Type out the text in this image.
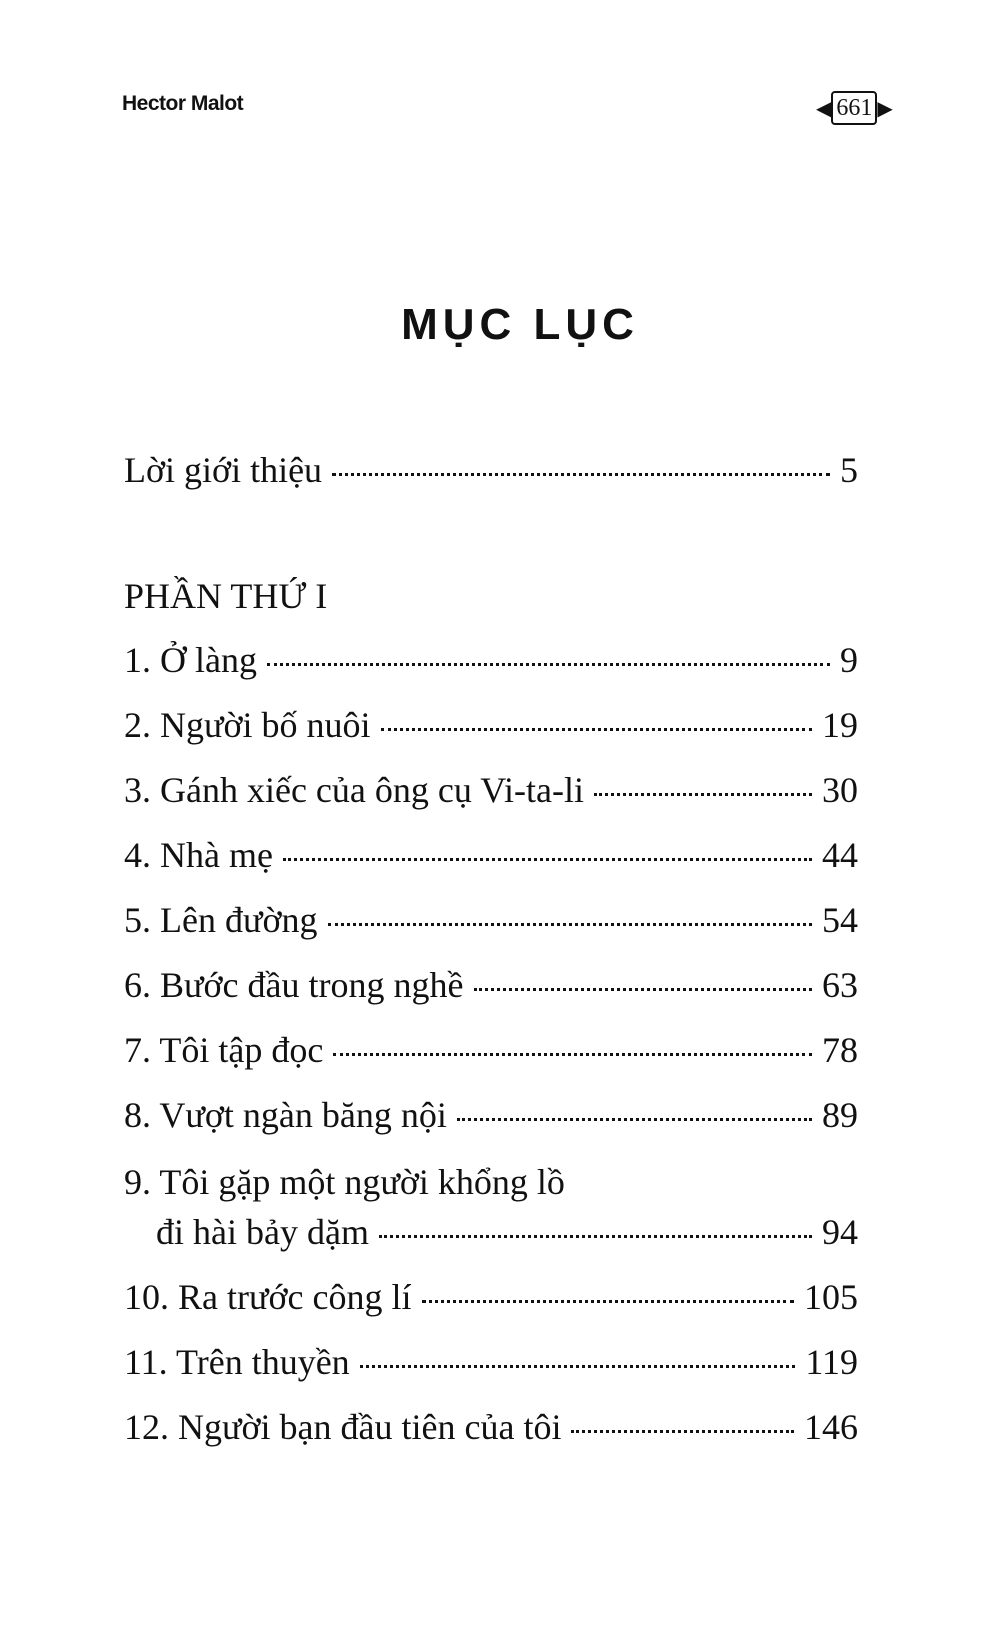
Hector Malot	◀ 661 ▶
MỤC LỤC
Lời giới thiệu	5
PHẦN THỨ I
1. Ở làng	9
2. Người bố nuôi	19
3. Gánh xiếc của ông cụ Vi-ta-li	30
4. Nhà mẹ	44
5. Lên đường	54
6. Bước đầu trong nghề	63
7. Tôi tập đọc	78
8. Vượt ngàn băng nội	89
9. Tôi gặp một người khổng lồ
đi hài bảy dặm	94
10. Ra trước công lí	105
11. Trên thuyền	119
12. Người bạn đầu tiên của tôi	146
